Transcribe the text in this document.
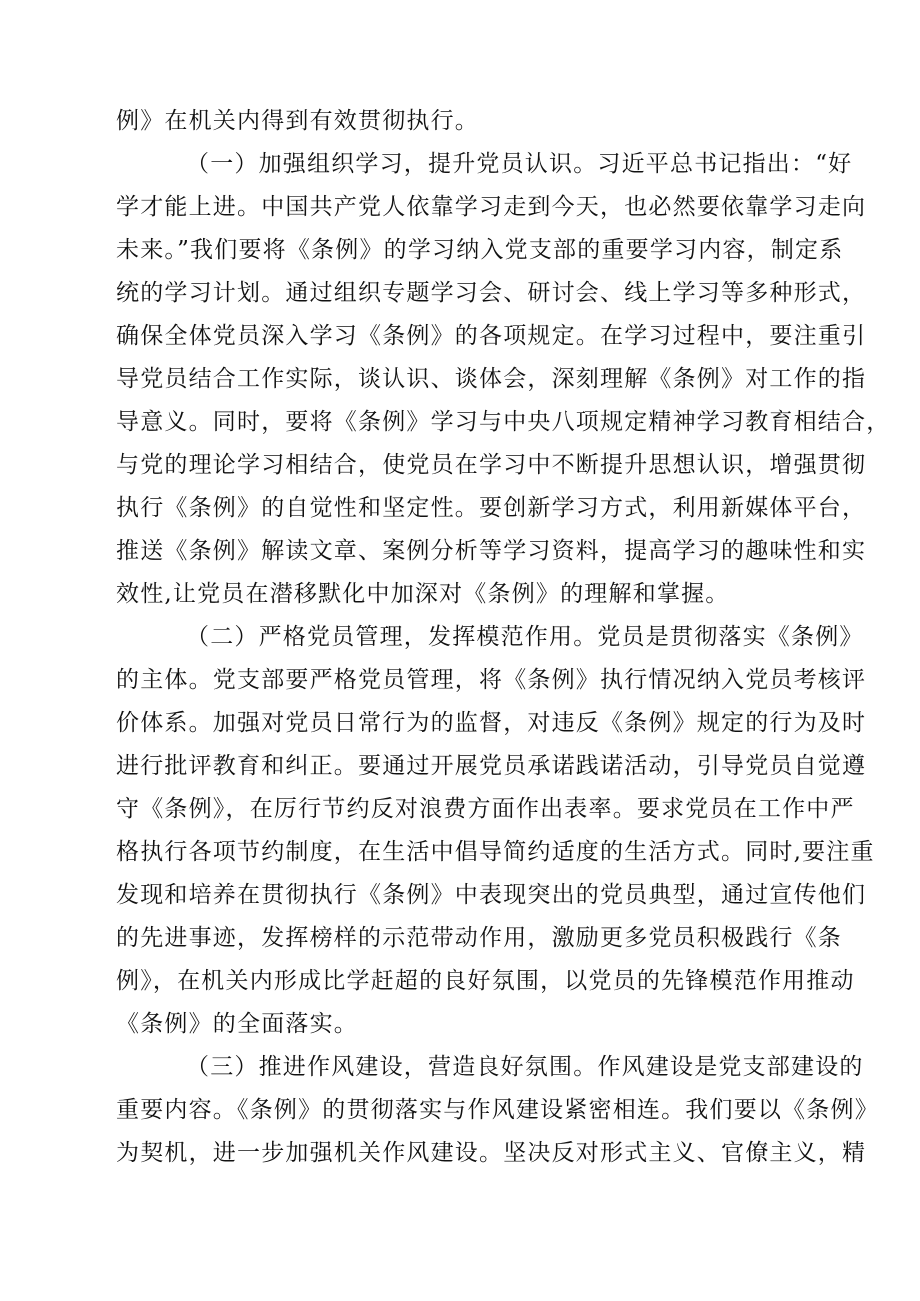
例》在机关内得到有效贯彻执行。
（一）加强组织学习，提升党员认识。习近平总书记指出：“好
学才能上进。中国共产党人依靠学习走到今天，也必然要依靠学习走向
未来。”我们要将《条例》的学习纳入党支部的重要学习内容，制定系
统的学习计划。通过组织专题学习会、研讨会、线上学习等多种形式，
确保全体党员深入学习《条例》的各项规定。在学习过程中，要注重引
导党员结合工作实际，谈认识、谈体会，深刻理解《条例》对工作的指
导意义。同时，要将《条例》学习与中央八项规定精神学习教育相结合，
与党的理论学习相结合，使党员在学习中不断提升思想认识，增强贯彻
执行《条例》的自觉性和坚定性。要创新学习方式，利用新媒体平台，
推送《条例》解读文章、案例分析等学习资料，提高学习的趣味性和实
效性,让党员在潜移默化中加深对《条例》的理解和掌握。
（二）严格党员管理，发挥模范作用。党员是贯彻落实《条例》
的主体。党支部要严格党员管理，将《条例》执行情况纳入党员考核评
价体系。加强对党员日常行为的监督，对违反《条例》规定的行为及时
进行批评教育和纠正。要通过开展党员承诺践诺活动，引导党员自觉遵
守《条例》，在厉行节约反对浪费方面作出表率。要求党员在工作中严
格执行各项节约制度，在生活中倡导简约适度的生活方式。同时,要注重
发现和培养在贯彻执行《条例》中表现突出的党员典型，通过宣传他们
的先进事迹，发挥榜样的示范带动作用，激励更多党员积极践行《条
例》，在机关内形成比学赶超的良好氛围，以党员的先锋模范作用推动
《条例》的全面落实。
（三）推进作风建设，营造良好氛围。作风建设是党支部建设的
重要内容。《条例》的贯彻落实与作风建设紧密相连。我们要以《条例》
为契机，进一步加强机关作风建设。坚决反对形式主义、官僚主义，精
